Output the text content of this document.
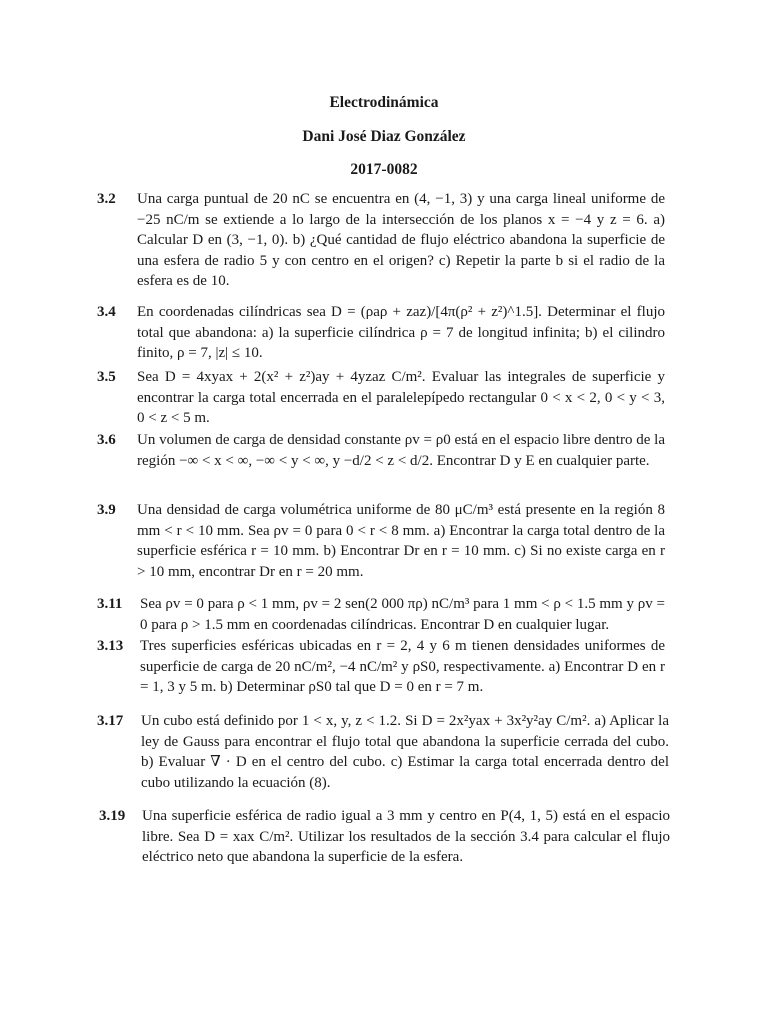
Electrodinámica
Dani José Diaz González
2017-0082
3.2 Una carga puntual de 20 nC se encuentra en (4, −1, 3) y una carga lineal uniforme de −25 nC/m se extiende a lo largo de la intersección de los planos x = −4 y z = 6. a) Calcular D en (3, −1, 0). b) ¿Qué cantidad de flujo eléctrico abandona la superficie de una esfera de radio 5 y con centro en el origen? c) Repetir la parte b si el radio de la esfera es de 10.
3.4 En coordenadas cilíndricas sea D = (ρaρ + zaz)/[4π(ρ² + z²)^1.5]. Determinar el flujo total que abandona: a) la superficie cilíndrica ρ = 7 de longitud infinita; b) el cilindro finito, ρ = 7, |z| ≤ 10.
3.5 Sea D = 4xyax + 2(x² + z²)ay + 4yzaz C/m². Evaluar las integrales de superficie y encontrar la carga total encerrada en el paralelepípedo rectangular 0 < x < 2, 0 < y < 3, 0 < z < 5 m.
3.6 Un volumen de carga de densidad constante ρv = ρ0 está en el espacio libre dentro de la región −∞ < x < ∞, −∞ < y < ∞, y −d/2 < z < d/2. Encontrar D y E en cualquier parte.
3.9 Una densidad de carga volumétrica uniforme de 80 μC/m³ está presente en la región 8 mm < r < 10 mm. Sea ρv = 0 para 0 < r < 8 mm. a) Encontrar la carga total dentro de la superficie esférica r = 10 mm. b) Encontrar Dr en r = 10 mm. c) Si no existe carga en r > 10 mm, encontrar Dr en r = 20 mm.
3.11 Sea ρv = 0 para ρ < 1 mm, ρv = 2 sen(2 000 πρ) nC/m³ para 1 mm < ρ < 1.5 mm y ρv = 0 para ρ > 1.5 mm en coordenadas cilíndricas. Encontrar D en cualquier lugar.
3.13 Tres superficies esféricas ubicadas en r = 2, 4 y 6 m tienen densidades uniformes de superficie de carga de 20 nC/m², −4 nC/m² y ρS0, respectivamente. a) Encontrar D en r = 1, 3 y 5 m. b) Determinar ρS0 tal que D = 0 en r = 7 m.
3.17 Un cubo está definido por 1 < x, y, z < 1.2. Si D = 2x²yax + 3x²y²ay C/m². a) Aplicar la ley de Gauss para encontrar el flujo total que abandona la superficie cerrada del cubo. b) Evaluar ∇ · D en el centro del cubo. c) Estimar la carga total encerrada dentro del cubo utilizando la ecuación (8).
3.19 Una superficie esférica de radio igual a 3 mm y centro en P(4, 1, 5) está en el espacio libre. Sea D = xax C/m². Utilizar los resultados de la sección 3.4 para calcular el flujo eléctrico neto que abandona la superficie de la esfera.
